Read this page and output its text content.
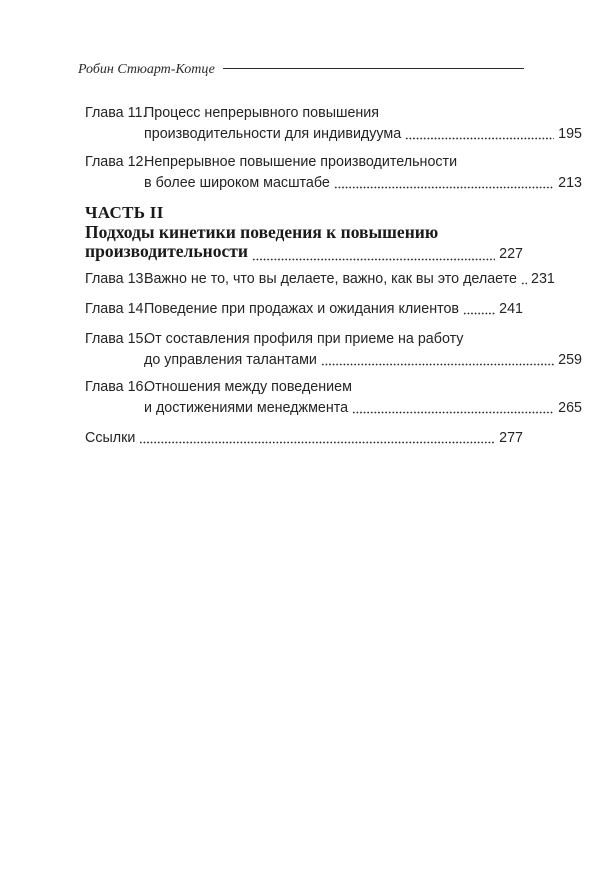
Робин Стюарт-Котце
Глава 11.
Процесс непрерывного повышения
производительности для индивидуума	195
Глава 12.
Непрерывное повышение производительности
в более широком масштабе	213
ЧАСТЬ II
Подходы кинетики поведения к повышению
производительности	227
Глава 13.
Важно не то, что вы делаете, важно, как вы это делаете 231
Глава 14.
Поведение при продажах и ожидания клиентов	241
Глава 15.
От составления профиля при приеме на работу
до управления талантами	259
Глава 16.
Отношения между поведением
и достижениями менеджмента	265
Ссылки	277
